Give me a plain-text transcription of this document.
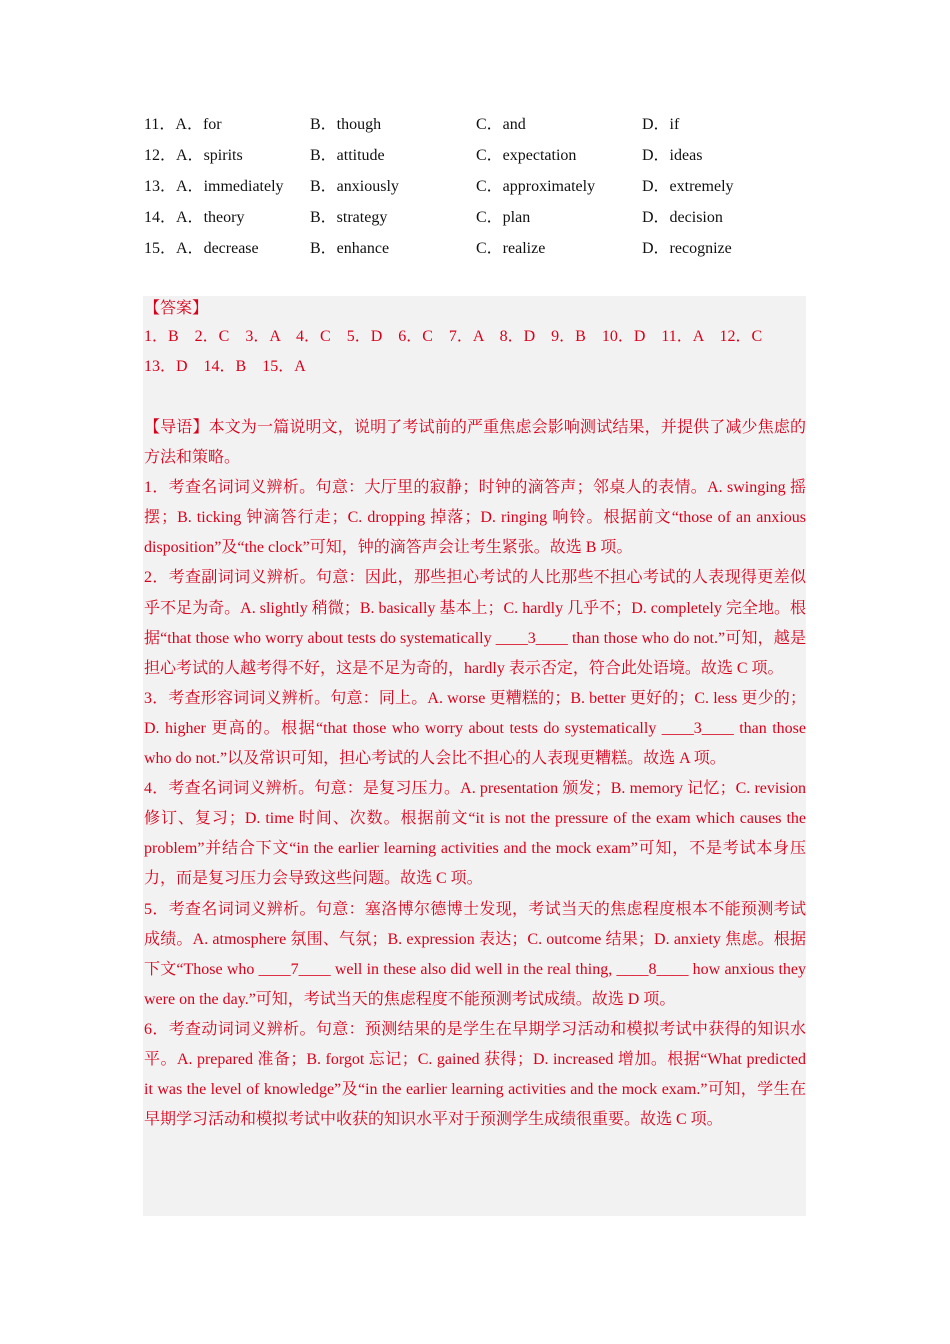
11．A．for	B．though	C．and	D．if
12．A．spirits	B．attitude	C．expectation	D．ideas
13．A．immediately	B．anxiously	C．approximately	D．extremely
14．A．theory	B．strategy	C．plan	D．decision
15．A．decrease	B．enhance	C．realize	D．recognize
【答案】
1．B　2．C　3．A　4．C　5．D　6．C　7．A　8．D　9．B　10．D　11．A　12．C
13．D　14．B　15．A

【导语】本文为一篇说明文，说明了考试前的严重焦虑会影响测试结果，并提供了减少焦虑的方法和策略。

1．考查名词词义辨析。句意：大厅里的寂静；时钟的滴答声；邻桌人的表情。A. swinging 摇摆；B. ticking 钟滴答行走；C. dropping 掉落；D. ringing 响铃。根据前文“those of an anxious disposition”及“the clock”可知，钟的滴答声会让考生紧张。故选 B 项。

2．考查副词词义辨析。句意：因此，那些担心考试的人比那些不担心考试的人表现得更差似乎不足为奇。A. slightly 稍微；B. basically 基本上；C. hardly 几乎不；D. completely 完全地。根据“that those who worry about tests do systematically ____3____ than those who do not.”可知，越是担心考试的人越考得不好，这是不足为奇的，hardly 表示否定，符合此处语境。故选 C 项。

3．考查形容词词义辨析。句意：同上。A. worse 更糟糕的；B. better 更好的；C. less 更少的；D. higher 更高的。根据“that those who worry about tests do systematically ____3____ than those who do not.”以及常识可知，担心考试的人会比不担心的人表现更糟糕。故选 A 项。

4．考查名词词义辨析。句意：是复习压力。A. presentation 颁发；B. memory 记忆；C. revision 修订、复习；D. time 时间、次数。根据前文“it is not the pressure of the exam which causes the problem”并结合下文“in the earlier learning activities and the mock exam”可知，不是考试本身压力，而是复习压力会导致这些问题。故选 C 项。

5．考查名词词义辨析。句意：塞洛博尔德博士发现，考试当天的焦虑程度根本不能预测考试成绩。A. atmosphere 氛围、气氛；B. expression 表达；C. outcome 结果；D. anxiety 焦虑。根据下文“Those who ____7____ well in these also did well in the real thing, ____8____ how anxious they were on the day.”可知，考试当天的焦虑程度不能预测考试成绩。故选 D 项。

6．考查动词词义辨析。句意：预测结果的是学生在早期学习活动和模拟考试中获得的知识水平。A. prepared 准备；B. forgot 忘记；C. gained 获得；D. increased 增加。根据“What predicted it was the level of knowledge”及“in the earlier learning activities and the mock exam.”可知，学生在早期学习活动和模拟考试中收获的知识水平对于预测学生成绩很重要。故选 C 项。
